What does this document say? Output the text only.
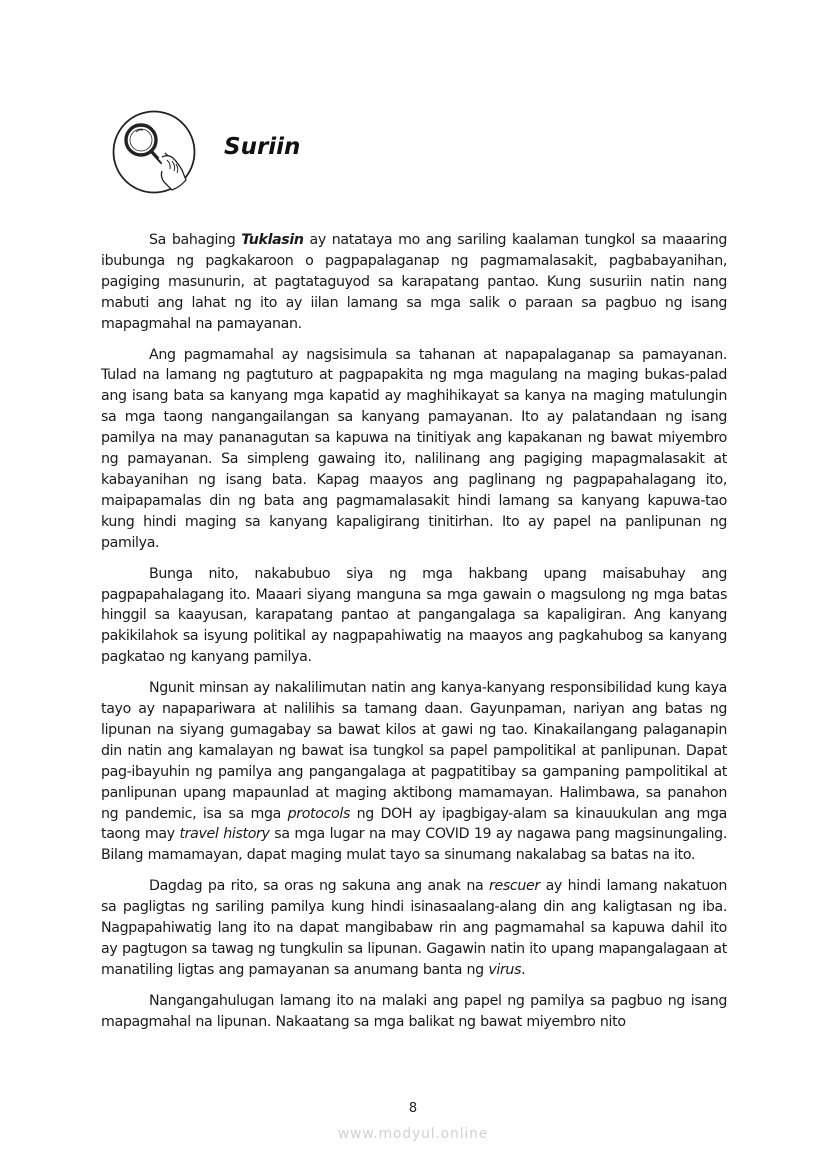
Suriin

Sa bahaging Tuklasin ay natataya mo ang sariling kaalaman tungkol sa maaaring ibubunga ng pagkakaroon o pagpapalaganap ng pagmamalasakit, pagbabayanihan, pagiging masunurin, at pagtataguyod sa karapatang pantao. Kung susuriin natin nang mabuti ang lahat ng ito ay iilan lamang sa mga salik o paraan sa pagbuo ng isang mapagmahal na pamayanan.

Ang pagmamahal ay nagsisimula sa tahanan at napapalaganap sa pamayanan. Tulad na lamang ng pagtuturo at pagpapakita ng mga magulang na maging bukas-palad ang isang bata sa kanyang mga kapatid ay maghihikayat sa kanya na maging matulungin sa mga taong nangangailangan sa kanyang pamayanan. Ito ay palatandaan ng isang pamilya na may pananagutan sa kapuwa na tinitiyak ang kapakanan ng bawat miyembro ng pamayanan. Sa simpleng gawaing ito, nalilinang ang pagiging mapagmalasakit at kabayanihan ng isang bata. Kapag maayos ang paglinang ng pagpapahalagang ito, maipapamalas din ng bata ang pagmamalasakit hindi lamang sa kanyang kapuwa-tao kung hindi maging sa kanyang kapaligirang tinitirhan. Ito ay papel na panlipunan ng pamilya.

Bunga nito, nakabubuo siya ng mga hakbang upang maisabuhay ang pagpapahalagang ito. Maaari siyang manguna sa mga gawain o magsulong ng mga batas hinggil sa kaayusan, karapatang pantao at pangangalaga sa kapaligiran. Ang kanyang pakikilahok sa isyung politikal ay nagpapahiwatig na maayos ang pagkahubog sa kanyang pagkatao ng kanyang pamilya.

Ngunit minsan ay nakalilimutan natin ang kanya-kanyang responsibilidad kung kaya tayo ay napapariwara at nalilihis sa tamang daan. Gayunpaman, nariyan ang batas ng lipunan na siyang gumagabay sa bawat kilos at gawi ng tao. Kinakailangang palaganapin din natin ang kamalayan ng bawat isa tungkol sa papel pampolitikal at panlipunan. Dapat pag-ibayuhin ng pamilya ang pangangalaga at pagpatitibay sa gampaning pampolitikal at panlipunan upang mapaunlad at maging aktibong mamamayan. Halimbawa, sa panahon ng pandemic, isa sa mga protocols ng DOH ay ipagbigay-alam sa kinauukulan ang mga taong may travel history sa mga lugar na may COVID 19 ay nagawa pang magsinungaling. Bilang mamamayan, dapat maging mulat tayo sa sinumang nakalabag sa batas na ito.

Dagdag pa rito, sa oras ng sakuna ang anak na rescuer ay hindi lamang nakatuon sa pagligtas ng sariling pamilya kung hindi isinasaalang-alang din ang kaligtasan ng iba. Nagpapahiwatig lang ito na dapat mangibabaw rin ang pagmamahal sa kapuwa dahil ito ay pagtugon sa tawag ng tungkulin sa lipunan. Gagawin natin ito upang mapangalagaan at manatiling ligtas ang pamayanan sa anumang banta ng virus.

Nangangahulugan lamang ito na malaki ang papel ng pamilya sa pagbuo ng isang mapagmahal na lipunan. Nakaatang sa mga balikat ng bawat miyembro nito

8
www.modyul.online
